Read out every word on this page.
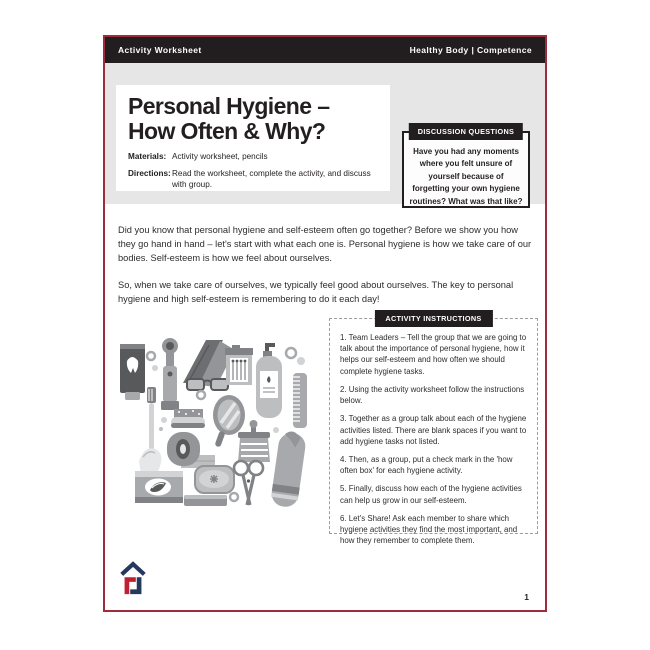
Activity Worksheet	Healthy Body | Competence
Personal Hygiene –
How Often & Why?
Materials: Activity worksheet, pencils
Directions: Read the worksheet, complete the activity, and discuss with group.
DISCUSSION QUESTIONS
Have you had any moments where you felt unsure of yourself because of forgetting your own hygiene routines? What was that like?

Did you know that personal hygiene and self-esteem often go together? Before we show you how they go hand in hand – let's start with what each one is. Personal hygiene is how we take care of our bodies. Self-esteem is how we feel about ourselves.

So, when we take care of ourselves, we typically feel good about ourselves. The key to personal hygiene and high self-esteem is remembering to do it each day!

ACTIVITY INSTRUCTIONS

1. Team Leaders – Tell the group that we are going to talk about the importance of personal hygiene, how it helps our self-esteem and how often we should complete hygiene tasks.

2. Using the activity worksheet follow the instructions below.

3. Together as a group talk about each of the hygiene activities listed. There are blank spaces if you want to add hygiene tasks not listed.

4. Then, as a group, put a check mark in the 'how often box' for each hygiene activity.

5. Finally, discuss how each of the hygiene activities can help us grow in our self-esteem.

6. Let's Share! Ask each member to share which hygiene activities they find the most important, and how they remember to complete them.

1
